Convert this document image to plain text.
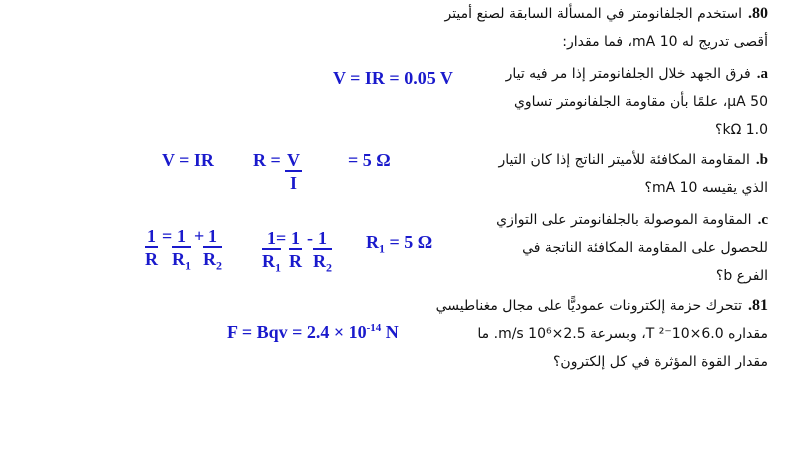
80.استخدم الجلفانومتر في المسألة السابقة لصنع أميتر

أقصى تدريج له 10 mA، فما مقدار:

a.فرق الجهد خلال الجلفانومتر إذا مر فيه تيار

50 μA، علمًا بأن مقاومة الجلفانومتر تساوي

1.0 kΩ؟

b.المقاومة المكافئة للأميتر الناتج إذا كان التيار

الذي يقيسه 10 mA؟

c.المقاومة الموصولة بالجلفانومتر على التوازي

للحصول على المقاومة المكافئة الناتجة في

الفرع b؟

81.تتحرك حزمة إلكترونات عموديًّا على مجال مغناطيسي

مقداره 6.0×10⁻² T، وبسرعة 2.5×10⁶ m/s. ما

مقدار القوة المؤثرة في كل إلكترون؟

V = IR = 0.05 V
V = IR $R = \frac{V}{I}$	= 5 Ω
$\frac{1}{R} = \frac{1}{R_1}$ +
$\frac{1}{R_2} \frac{1}{R_1}$
= $\frac{1}{R} - \frac{1}{R_2} R_1 = 5$ Ω
F = Bqv = $2.4 \times 10^{-14}$ N
